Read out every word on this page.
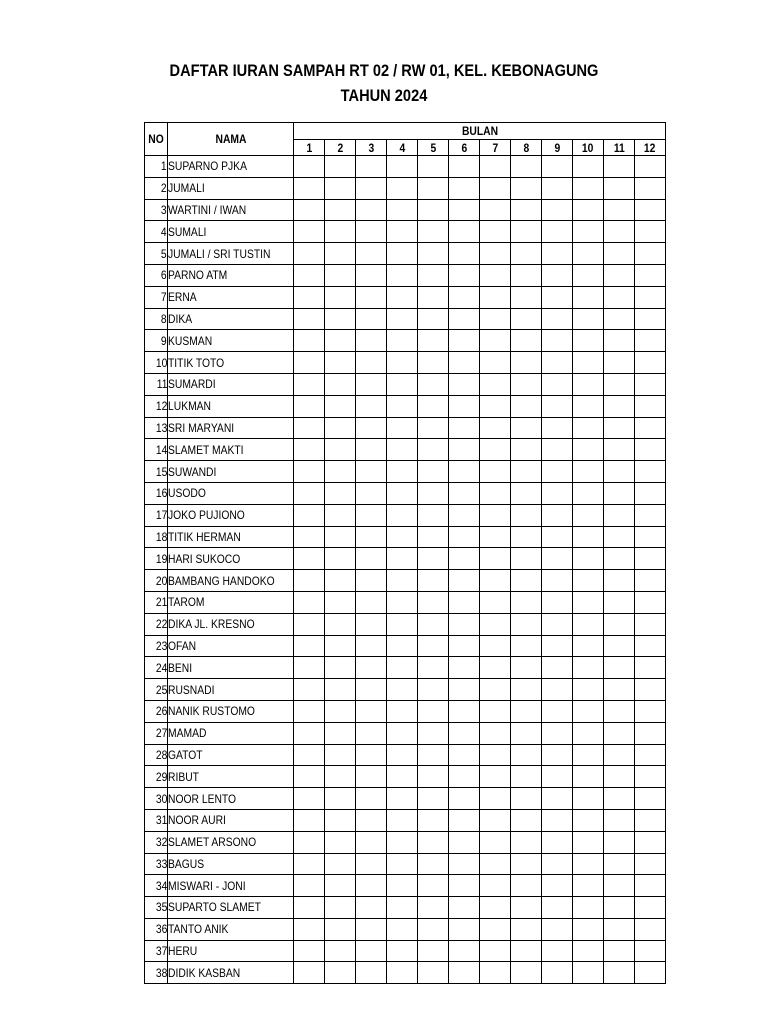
DAFTAR IURAN SAMPAH RT 02 / RW 01, KEL. KEBONAGUNG
TAHUN 2024
NO	NAMA	BULAN											
		1	2	3	4	5	6	7	8	9	10	11	12
1	SUPARNO PJKA												
2	JUMALI												
3	WARTINI / IWAN												
4	SUMALI												
5	JUMALI / SRI TUSTIN												
6	PARNO ATM												
7	ERNA												
8	DIKA												
9	KUSMAN												
10	TITIK TOTO												
11	SUMARDI												
12	LUKMAN												
13	SRI MARYANI												
14	SLAMET MAKTI												
15	SUWANDI												
16	USODO												
17	JOKO PUJIONO												
18	TITIK HERMAN												
19	HARI SUKOCO												
20	BAMBANG HANDOKO												
21	TAROM												
22	DIKA JL. KRESNO												
23	OFAN												
24	BENI												
25	RUSNADI												
26	NANIK RUSTOMO												
27	MAMAD												
28	GATOT												
29	RIBUT												
30	NOOR LENTO												
31	NOOR AURI												
32	SLAMET ARSONO												
33	BAGUS												
34	MISWARI - JONI												
35	SUPARTO SLAMET												
36	TANTO ANIK												
37	HERU												
38	DIDIK KASBAN												
